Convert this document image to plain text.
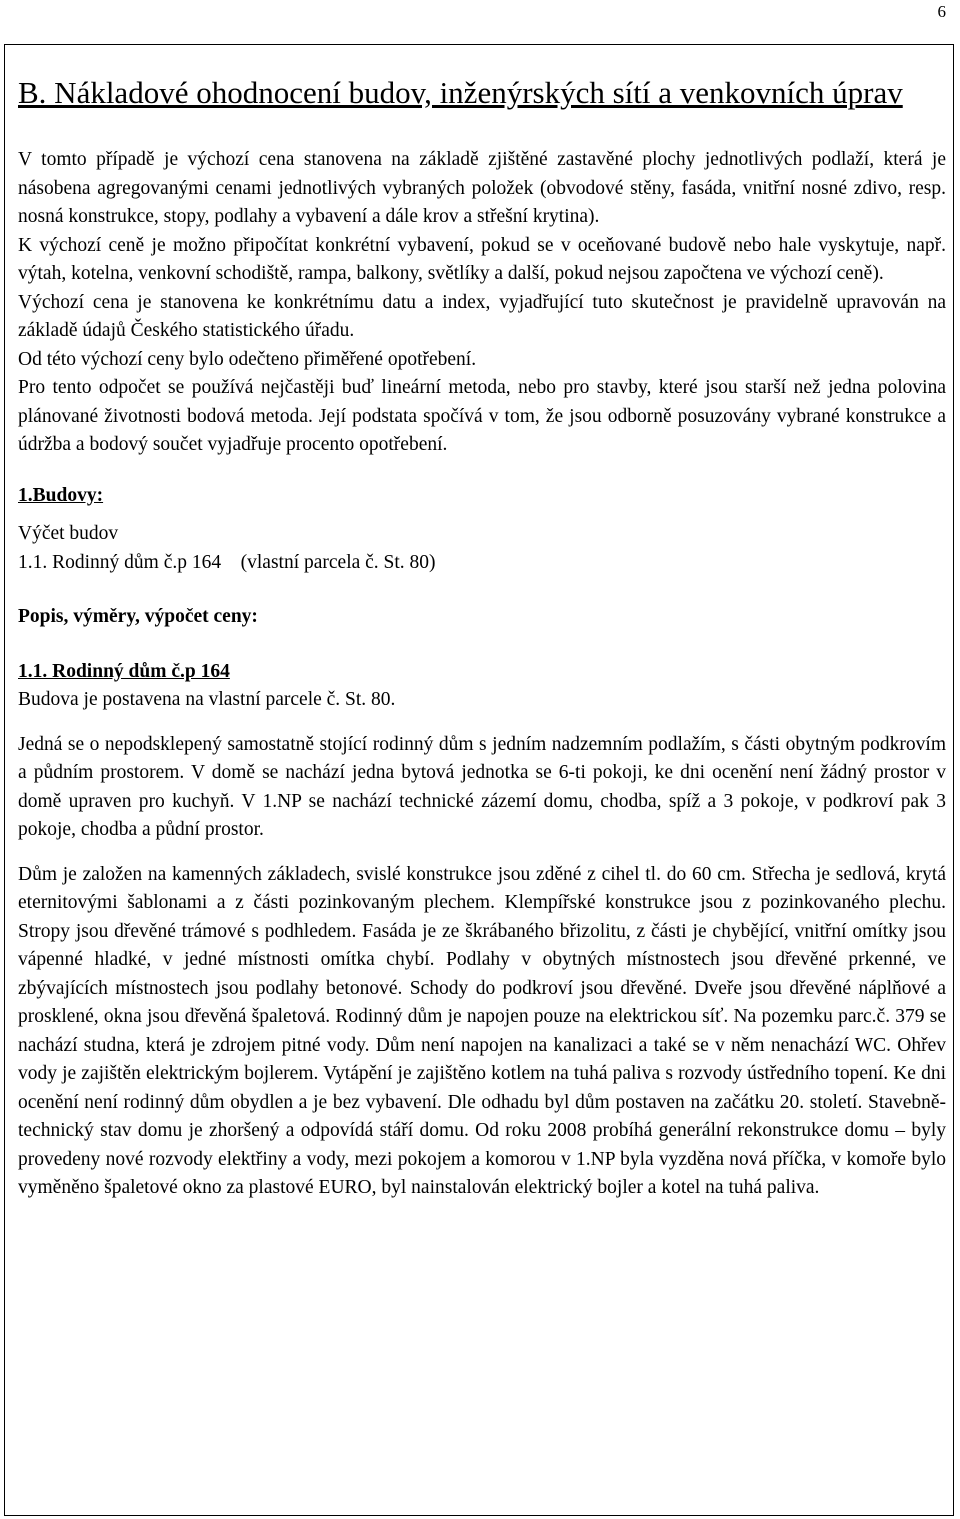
6
B. Nákladové ohodnocení budov, inženýrských sítí a venkovních úprav

V tomto případě je výchozí cena stanovena na základě zjištěné zastavěné plochy jednotlivých podlaží, která je násobena agregovanými cenami jednotlivých vybraných položek (obvodové stěny, fasáda, vnitřní nosné zdivo, resp. nosná konstrukce, stopy, podlahy a vybavení a dále krov a střešní krytina).

K výchozí ceně je možno připočítat konkrétní vybavení, pokud se v oceňované budově nebo hale vyskytuje, např. výtah, kotelna, venkovní schodiště, rampa, balkony, světlíky a další, pokud nejsou započtena ve výchozí ceně).

Výchozí cena je stanovena ke konkrétnímu datu a index, vyjadřující tuto skutečnost je pravidelně upravován na základě údajů Českého statistického úřadu.

Od této výchozí ceny bylo odečteno přiměřené opotřebení.

Pro tento odpočet se používá nejčastěji buď lineární metoda, nebo pro stavby, které jsou starší než jedna polovina plánované životnosti bodová metoda. Její podstata spočívá v tom, že jsou odborně posuzovány vybrané konstrukce a údržba a bodový součet vyjadřuje procento opotřebení.

1.Budovy:

Výčet budov

1.1. Rodinný dům č.p 164    (vlastní parcela č. St. 80)

Popis, výměry, výpočet ceny:

1.1. Rodinný dům č.p 164

Budova je postavena na vlastní parcele č. St. 80.

Jedná se o nepodsklepený samostatně stojící rodinný dům s jedním nadzemním podlažím, s části obytným podkrovím a půdním prostorem. V domě se nachází jedna bytová jednotka se 6-ti pokoji, ke dni ocenění není žádný prostor v domě upraven pro kuchyň. V 1.NP se nachází technické zázemí domu, chodba, spíž a 3 pokoje, v podkroví pak 3 pokoje, chodba a půdní prostor.

Dům je založen na kamenných základech, svislé konstrukce jsou zděné z cihel tl. do 60 cm. Střecha je sedlová, krytá eternitovými šablonami a z části pozinkovaným plechem. Klempířské konstrukce jsou z pozinkovaného plechu. Stropy jsou dřevěné trámové s podhledem. Fasáda je ze škrábaného břizolitu, z části je chybějící, vnitřní omítky jsou vápenné hladké, v jedné místnosti omítka chybí. Podlahy v obytných místnostech jsou dřevěné prkenné, ve zbývajících místnostech jsou podlahy betonové. Schody do podkroví jsou dřevěné. Dveře jsou dřevěné náplňové a prosklené, okna jsou dřevěná špaletová. Rodinný dům je napojen pouze na elektrickou síť. Na pozemku parc.č. 379 se nachází studna, která je zdrojem pitné vody. Dům není napojen na kanalizaci a také se v něm nenachází WC. Ohřev vody je zajištěn elektrickým bojlerem. Vytápění je zajištěno kotlem na tuhá paliva s rozvody ústředního topení. Ke dni ocenění není rodinný dům obydlen a je bez vybavení. Dle odhadu byl dům postaven na začátku 20. století. Stavebně-technický stav domu je zhoršený a odpovídá stáří domu. Od roku 2008 probíhá generální rekonstrukce domu – byly provedeny nové rozvody elektřiny a vody, mezi pokojem a komorou v 1.NP byla vyzděna nová příčka, v komoře bylo vyměněno špaletové okno za plastové EURO, byl nainstalován elektrický bojler a kotel na tuhá paliva.
